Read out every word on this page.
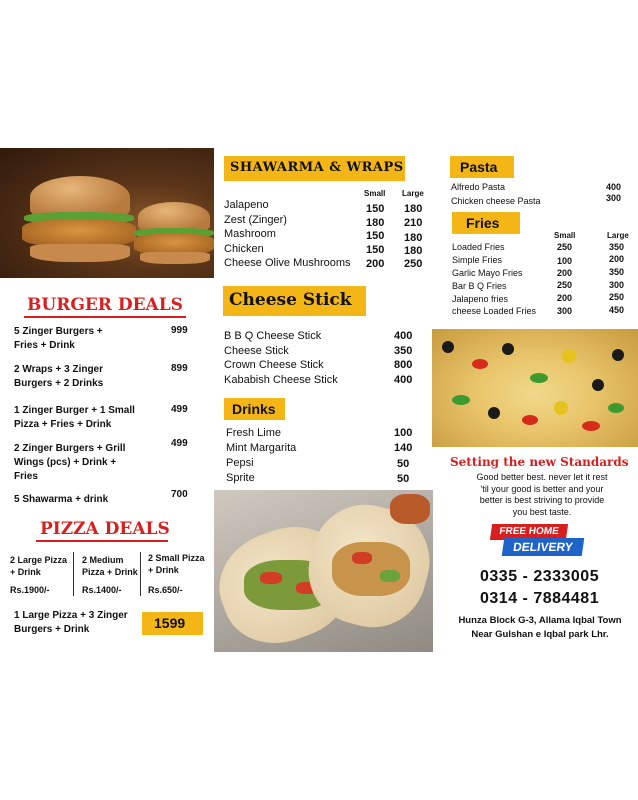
SHAWARMA & WRAPS
Small Large
Jalapeno	150 180
Zest (Zinger)	180 210
Mashroom	150 180
Chicken	150 180
Cheese Olive Mushrooms 200 250
Pasta
Alfredo Pasta	400
Chicken cheese Pasta	300
Fries
Small	Large
Loaded Fries	250	350
Simple Fries	100	200
Garlic Mayo Fries	200	350
Bar B Q Fries	250	300
Jalapeno fries	200	250
cheese Loaded Fries 300	450
BURGER DEALS
5 Zinger Burgers +
Fries + Drink
999
2 Wraps + 3 Zinger
Burgers + 2 Drinks
899
1 Zinger Burger + 1 Small
Pizza + Fries + Drink
499
2 Zinger Burgers + Grill
Wings (pcs) + Drink +
Fries
499
5 Shawarma + drink	700
PIZZA DEALS
2 Large Pizza
+ Drink
Rs.1900/-
2 Medium
Pizza + Drink
Rs.1400/-
2 Small Pizza
+ Drink
Rs.650/-
1 Large Pizza + 3 Zinger
Burgers + Drink	1599
Cheese Stick
B B Q Cheese Stick	400
Cheese Stick	350
Crown Cheese Stick	800
Kababish Cheese Stick	400
Drinks
Fresh Lime	100
Mint Margarita	140
Pepsi	50
Sprite	50
Setting the new Standards
Good better best. never let it rest
'til your good is better and your
better is best striving to provide
you best taste.
FREE HOME
DELIVERY
0335 - 2333005
0314 - 7884481
Hunza Block G-3, Allama Iqbal Town
Near Gulshan e Iqbal park Lhr.
